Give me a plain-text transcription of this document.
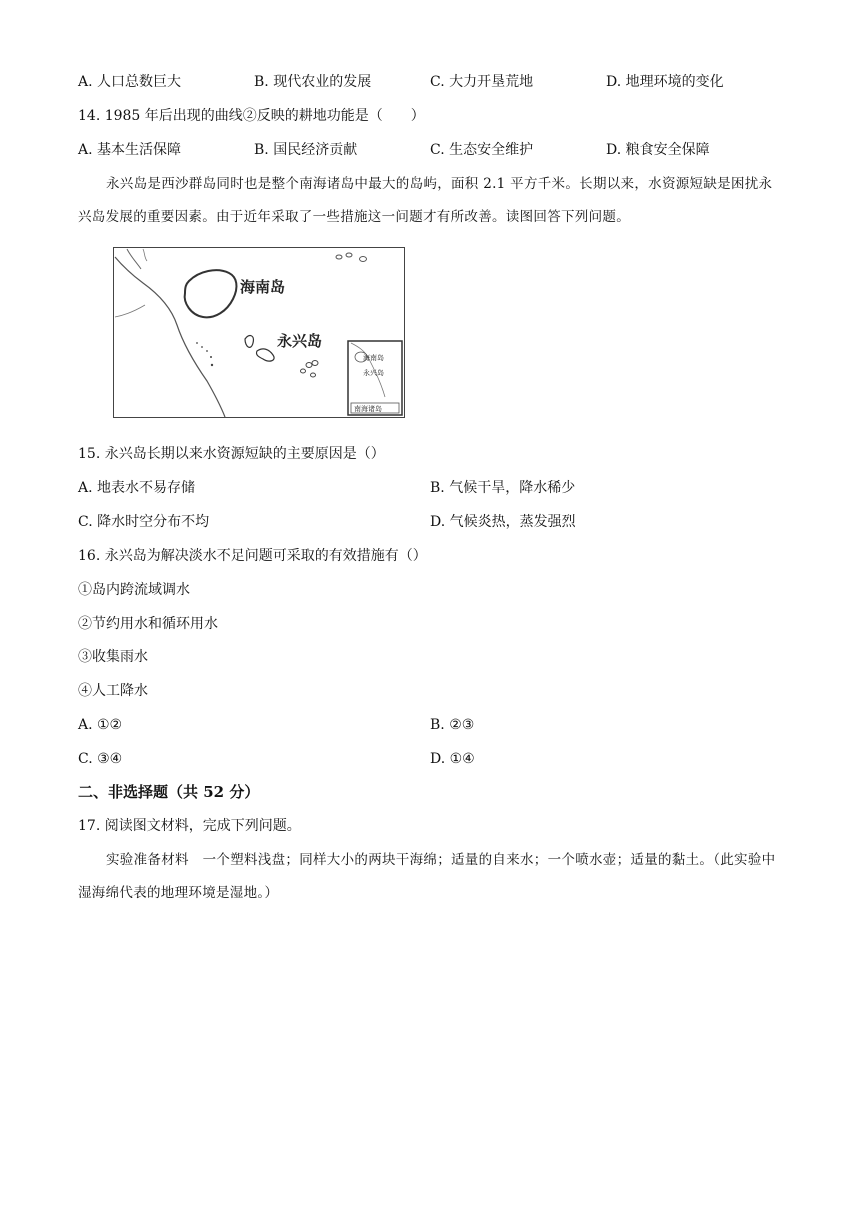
A. 人口总数巨大	B. 现代农业的发展	C. 大力开垦荒地	D. 地理环境的变化
14. 1985 年后出现的曲线②反映的耕地功能是（　　）
A. 基本生活保障	B. 国民经济贡献	C. 生态安全维护	D. 粮食安全保障
永兴岛是西沙群岛同时也是整个南海诸岛中最大的岛屿，面积 2.1 平方千米。长期以来，水资源短缺是困扰永兴岛发展的重要因素。由于近年采取了一些措施这一问题才有所改善。读图回答下列问题。
海南岛
永兴岛
海南岛
永兴岛
南海诸岛
15. 永兴岛长期以来水资源短缺的主要原因是（）
A. 地表水不易存储	B. 气候干旱，降水稀少
C. 降水时空分布不均	D. 气候炎热，蒸发强烈
16. 永兴岛为解决淡水不足问题可采取的有效措施有（）
①岛内跨流域调水
②节约用水和循环用水
③收集雨水
④人工降水
A. ①②	B. ②③
C. ③④	D. ①④
二、非选择题（共 52 分）
17. 阅读图文材料，完成下列问题。
实验准备材料　一个塑料浅盘；同样大小的两块干海绵；适量的自来水；一个喷水壶；适量的黏土。（此实验中湿海绵代表的地理环境是湿地。）
